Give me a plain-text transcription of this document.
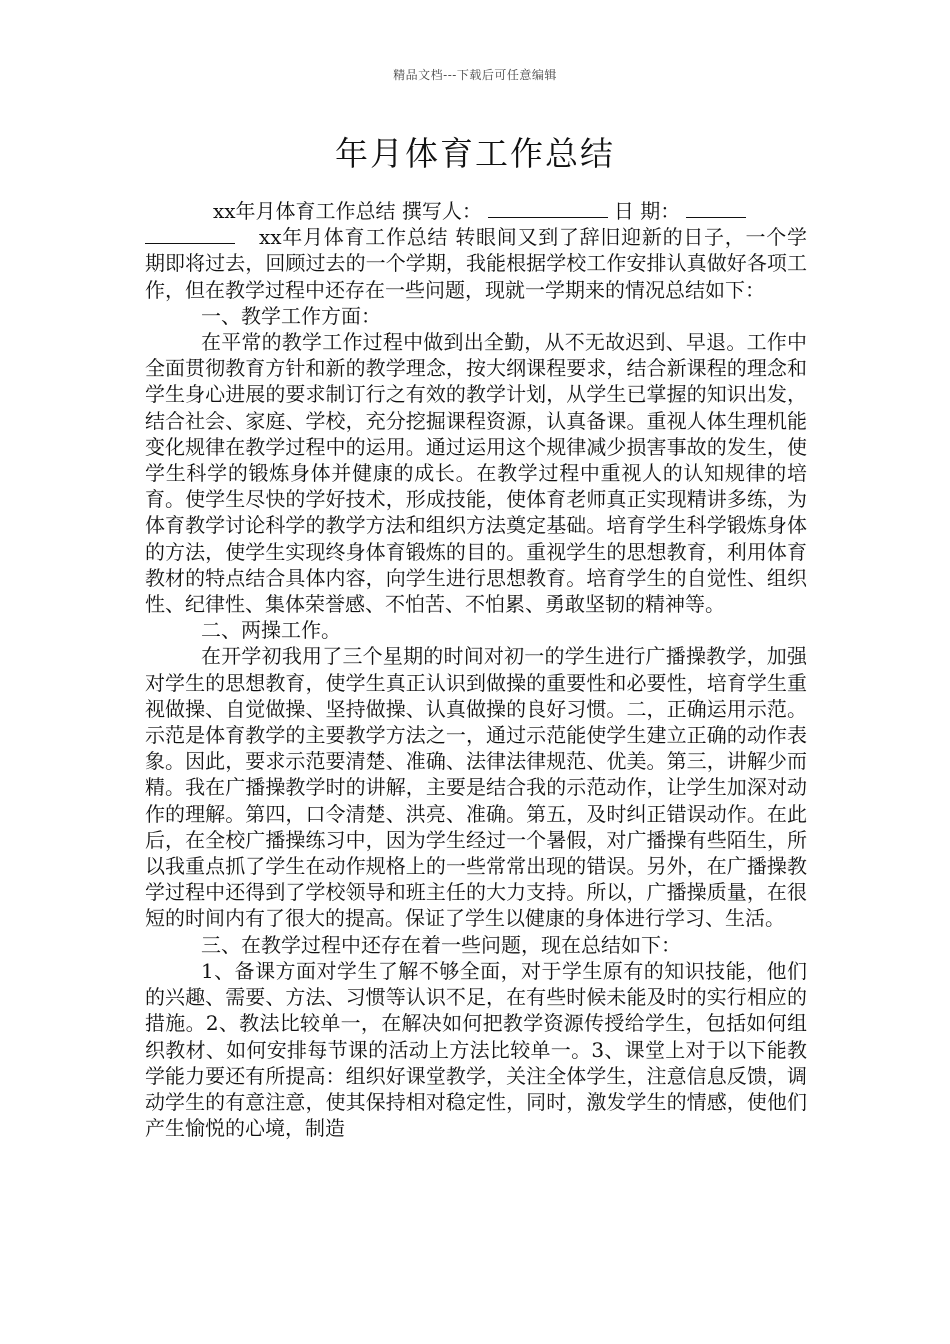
精品文档---下载后可任意编辑
年月体育工作总结

xx年月体育工作总结 撰写人：	日 期：
xx年月体育工作总结 转眼间又到了辞旧迎新的日子，一个学期即将过去，回顾过去的一个学期，我能根据学校工作安排认真做好各项工作，但在教学过程中还存在一些问题，现就一学期来的情况总结如下：

一、教学工作方面：

在平常的教学工作过程中做到出全勤，从不无故迟到、早退。工作中全面贯彻教育方针和新的教学理念，按大纲课程要求，结合新课程的理念和学生身心进展的要求制订行之有效的教学计划，从学生已掌握的知识出发，结合社会、家庭、学校，充分挖掘课程资源，认真备课。重视人体生理机能变化规律在教学过程中的运用。通过运用这个规律减少损害事故的发生，使学生科学的锻炼身体并健康的成长。在教学过程中重视人的认知规律的培育。使学生尽快的学好技术，形成技能，使体育老师真正实现精讲多练，为体育教学讨论科学的教学方法和组织方法奠定基础。培育学生科学锻炼身体的方法，使学生实现终身体育锻炼的目的。重视学生的思想教育，利用体育教材的特点结合具体内容，向学生进行思想教育。培育学生的自觉性、组织性、纪律性、集体荣誉感、不怕苦、不怕累、勇敢坚韧的精神等。

二、两操工作。

在开学初我用了三个星期的时间对初一的学生进行广播操教学，加强对学生的思想教育，使学生真正认识到做操的重要性和必要性，培育学生重视做操、自觉做操、坚持做操、认真做操的良好习惯。二，正确运用示范。示范是体育教学的主要教学方法之一，通过示范能使学生建立正确的动作表象。因此，要求示范要清楚、准确、法律法律规范、优美。第三，讲解少而精。我在广播操教学时的讲解，主要是结合我的示范动作，让学生加深对动作的理解。第四，口令清楚、洪亮、准确。第五，及时纠正错误动作。在此后，在全校广播操练习中，因为学生经过一个暑假，对广播操有些陌生，所以我重点抓了学生在动作规格上的一些常常出现的错误。另外，在广播操教学过程中还得到了学校领导和班主任的大力支持。所以，广播操质量，在很短的时间内有了很大的提高。保证了学生以健康的身体进行学习、生活。

三、在教学过程中还存在着一些问题，现在总结如下：

1、备课方面对学生了解不够全面，对于学生原有的知识技能，他们的兴趣、需要、方法、习惯等认识不足，在有些时候未能及时的实行相应的措施。2、教法比较单一，在解决如何把教学资源传授给学生，包括如何组织教材、如何安排每节课的活动上方法比较单一。3、课堂上对于以下能教学能力要还有所提高：组织好课堂教学，关注全体学生，注意信息反馈，调动学生的有意注意，使其保持相对稳定性，同时，激发学生的情感，使他们产生愉悦的心境，制造
